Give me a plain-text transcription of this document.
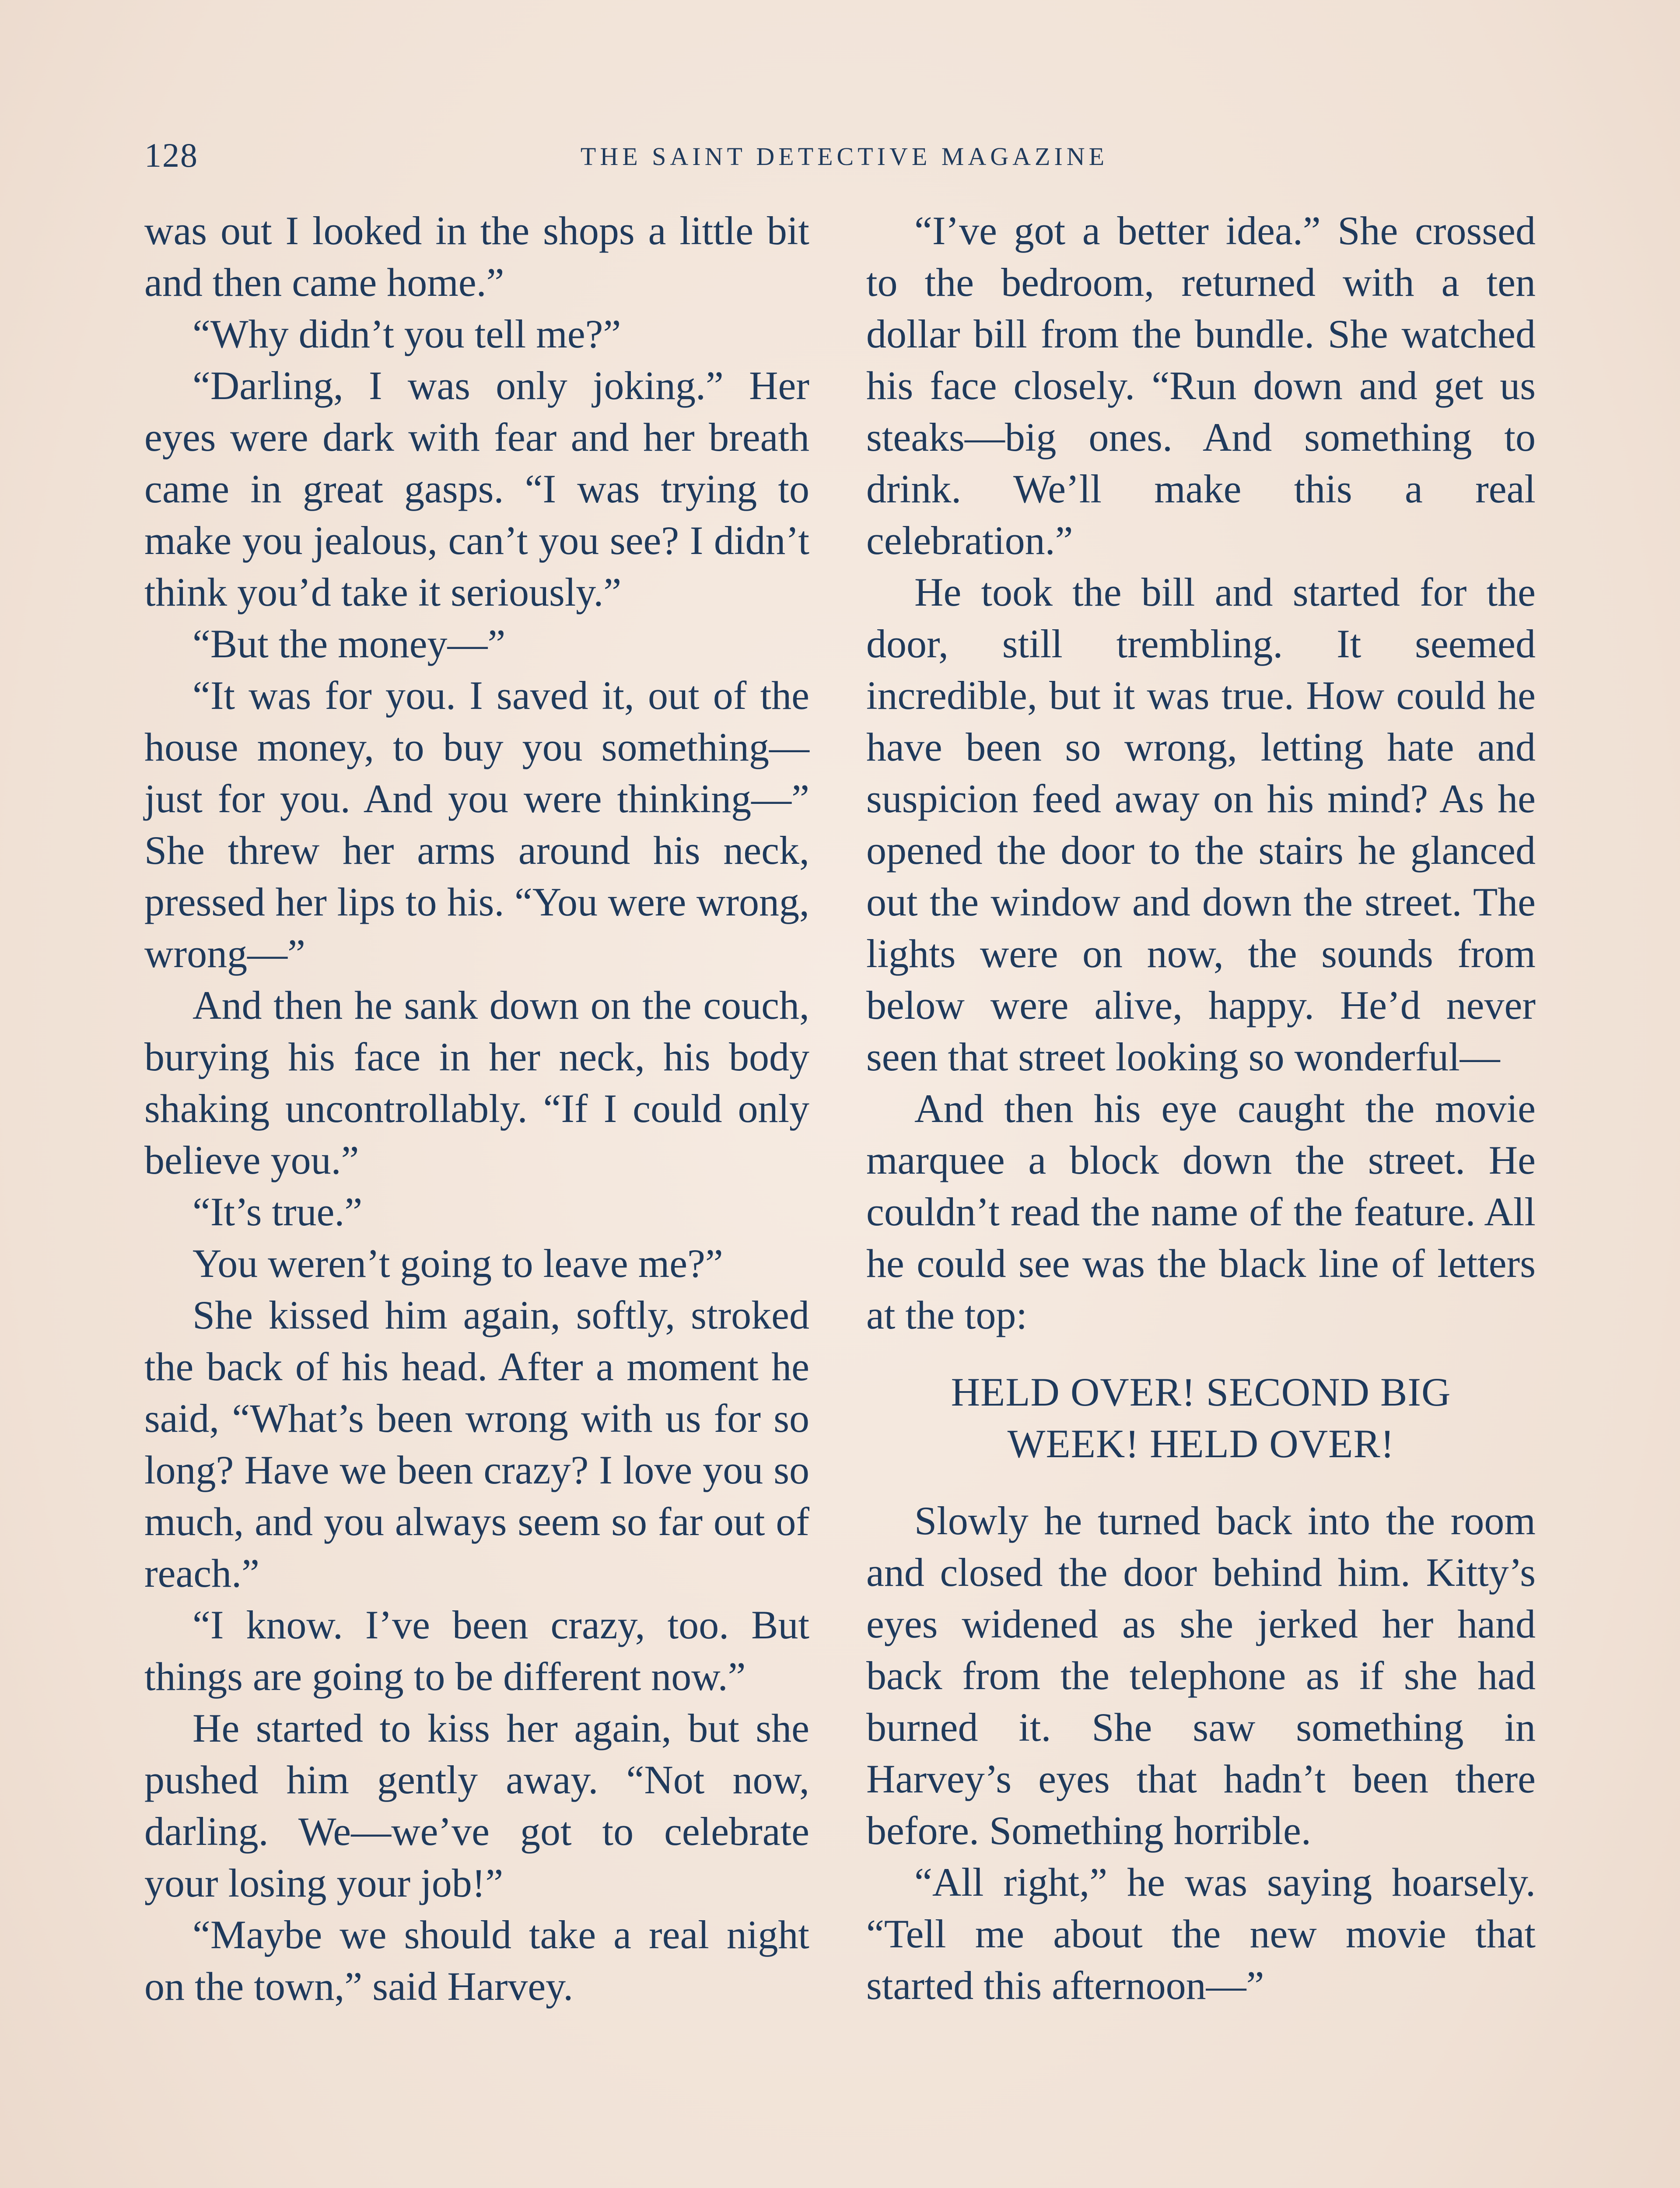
128	THE SAINT DETECTIVE MAGAZINE

was out I looked in the shops a little bit and then came home.”

“Why didn’t you tell me?”

“Darling, I was only joking.” Her eyes were dark with fear and her breath came in great gasps. “I was trying to make you jealous, can’t you see? I didn’t think you’d take it seriously.”

“But the money—”

“It was for you. I saved it, out of the house money, to buy you something—just for you. And you were thinking—” She threw her arms around his neck, pressed her lips to his. “You were wrong, wrong—”

And then he sank down on the couch, burying his face in her neck, his body shaking uncontrollably. “If I could only believe you.”

“It’s true.”

You weren’t going to leave me?”

She kissed him again, softly, stroked the back of his head. After a moment he said, “What’s been wrong with us for so long? Have we been crazy? I love you so much, and you always seem so far out of reach.”

“I know. I’ve been crazy, too. But things are going to be different now.”

He started to kiss her again, but she pushed him gently away. “Not now, darling. We—we’ve got to celebrate your losing your job!”

“Maybe we should take a real night on the town,” said Harvey.

“I’ve got a better idea.” She crossed to the bedroom, returned with a ten dollar bill from the bundle. She watched his face closely. “Run down and get us steaks—big ones. And something to drink. We’ll make this a real celebration.”

He took the bill and started for the door, still trembling. It seemed incredible, but it was true. How could he have been so wrong, letting hate and suspicion feed away on his mind? As he opened the door to the stairs he glanced out the window and down the street. The lights were on now, the sounds from below were alive, happy. He’d never seen that street looking so wonderful—

And then his eye caught the movie marquee a block down the street. He couldn’t read the name of the feature. All he could see was the black line of letters at the top:

HELD OVER! SECOND BIG
WEEK! HELD OVER!

Slowly he turned back into the room and closed the door behind him. Kitty’s eyes widened as she jerked her hand back from the telephone as if she had burned it. She saw something in Harvey’s eyes that hadn’t been there before. Something horrible.

“All right,” he was saying hoarsely. “Tell me about the new movie that started this afternoon—”
